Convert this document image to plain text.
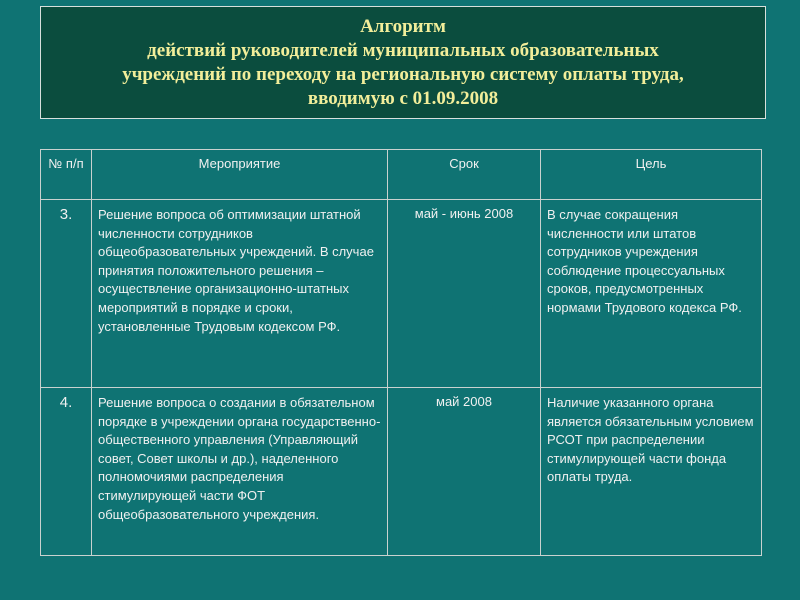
Алгоритм
действий руководителей муниципальных образовательных
учреждений по переходу на региональную систему оплаты труда,
вводимую с 01.09.2008
№ п/п	Мероприятие	Срок	Цель
3.	Решение вопроса об оптимизации штатной численности сотрудников общеобразовательных учреждений. В случае принятия положительного решения – осуществление организационно-штатных мероприятий в порядке и сроки, установленные Трудовым кодексом РФ.	май - июнь 2008	В случае сокращения численности или штатов сотрудников учреждения соблюдение процессуальных сроков, предусмотренных нормами Трудового кодекса РФ.
4.	Решение вопроса о создании в обязательном порядке в учреждении органа государственно-общественного управления (Управляющий совет, Совет школы и др.), наделенного полномочиями распределения стимулирующей части ФОТ общеобразовательного учреждения.	май 2008	Наличие указанного органа является обязательным условием РСОТ при распределении стимулирующей части фонда оплаты труда.
